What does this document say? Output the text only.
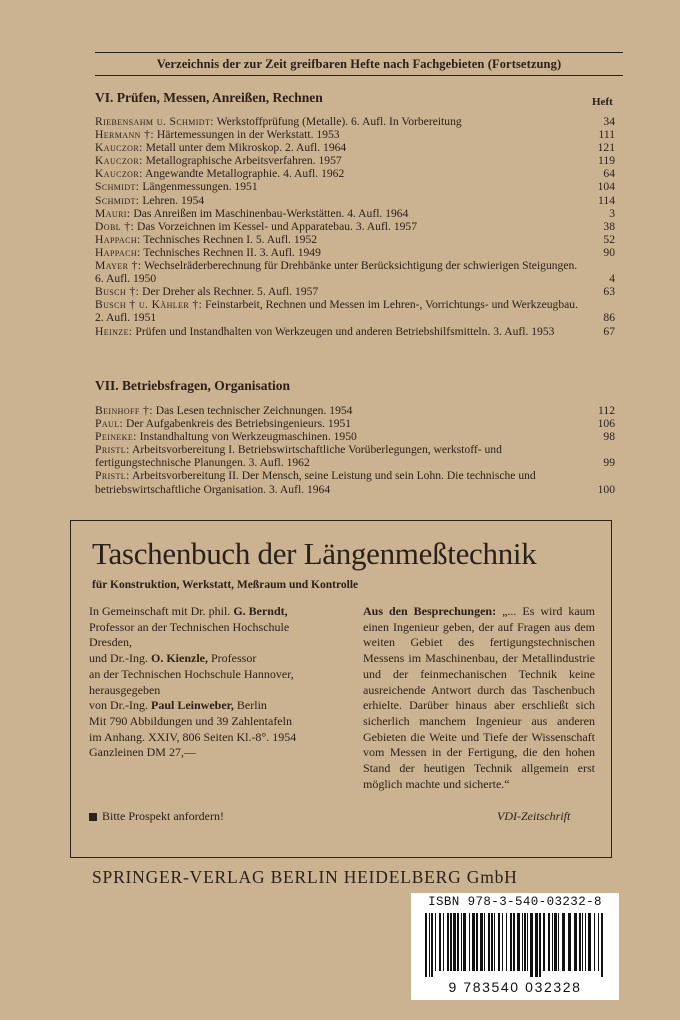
Verzeichnis der zur Zeit greifbaren Hefte nach Fachgebieten (Fortsetzung)
VI. Prüfen, Messen, Anreißen, Rechnen	Heft
Riebensahm u. Schmidt: Werkstoffprüfung (Metalle). 6. Aufl. In Vorbereitung	34
Hermann †: Härtemessungen in der Werkstatt. 1953	111
Kauczor: Metall unter dem Mikroskop. 2. Aufl. 1964	121
Kauczor: Metallographische Arbeitsverfahren. 1957	119
Kauczor: Angewandte Metallographie. 4. Aufl. 1962	64
Schmidt: Längenmessungen. 1951	104
Schmidt: Lehren. 1954	114
Mauri: Das Anreißen im Maschinenbau-Werkstätten. 4. Aufl. 1964	3
Dobl †: Das Vorzeichnen im Kessel- und Apparatebau. 3. Aufl. 1957	38
Happach: Technisches Rechnen I. 5. Aufl. 1952	52
Happach: Technisches Rechnen II. 3. Aufl. 1949	90
Mayer †: Wechselräderberechnung für Drehbänke unter Berücksichtigung der schwierigen Steigungen. 6. Aufl. 1950	4
Busch †: Der Dreher als Rechner. 5. Aufl. 1957	63
Busch † u. Kähler †: Feinstarbeit, Rechnen und Messen im Lehren-, Vorrichtungs- und Werkzeugbau. 2. Aufl. 1951	86
Heinze: Prüfen und Instandhalten von Werkzeugen und anderen Betriebshilfsmitteln. 3. Aufl. 1953	67
VII. Betriebsfragen, Organisation
Beinhoff †: Das Lesen technischer Zeichnungen. 1954	112
Paul: Der Aufgabenkreis des Betriebsingenieurs. 1951	106
Peineke: Instandhaltung von Werkzeugmaschinen. 1950	98
Pristl: Arbeitsvorbereitung I. Betriebswirtschaftliche Vorüberlegungen, werkstoff- und fertigungstechnische Planungen. 3. Aufl. 1962	99
Pristl: Arbeitsvorbereitung II. Der Mensch, seine Leistung und sein Lohn. Die technische und betriebswirtschaftliche Organisation. 3. Aufl. 1964	100
Taschenbuch der Längenmeßtechnik
für Konstruktion, Werkstatt, Meßraum und Kontrolle
In Gemeinschaft mit Dr. phil. G. Berndt,
Professor an der Technischen Hochschule
Dresden,
und Dr.-Ing. O. Kienzle, Professor
an der Technischen Hochschule Hannover,
herausgegeben
von Dr.-Ing. Paul Leinweber, Berlin
Mit 790 Abbildungen und 39 Zahlentafeln
im Anhang. XXIV, 806 Seiten Kl.-8°. 1954
Ganzleinen DM 27,—
Aus den Besprechungen: „... Es wird kaum einen Ingenieur geben, der auf Fragen aus dem weiten Gebiet des fertigungstechnischen Messens im Maschinenbau, der Metallindustrie und der feinmechanischen Technik keine ausreichende Antwort durch das Taschenbuch erhielte. Darüber hinaus aber erschließt sich sicherlich manchem Ingenieur aus anderen Gebieten die Weite und Tiefe der Wissenschaft vom Messen in der Fertigung, die den hohen Stand der heutigen Technik allgemein erst möglich machte und sicherte.“
Bitte Prospekt anfordern!	VDI-Zeitschrift
SPRINGER-VERLAG BERLIN HEIDELBERG GmbH
ISBN 978-3-540-03232-8
9 783540 032328
